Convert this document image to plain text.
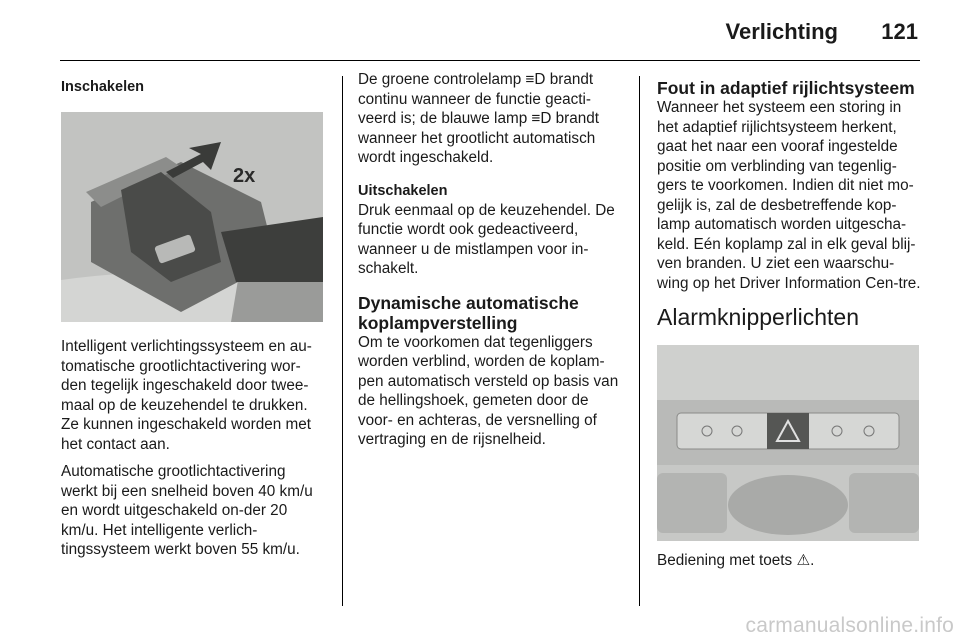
Verlichting 121
Inschakelen
2x

Intelligent verlichtingssysteem en au-tomatische grootlichtactivering wor-den tegelijk ingeschakeld door twee-maal op de keuzehendel te drukken. Ze kunnen ingeschakeld worden met het contact aan.

Automatische grootlichtactivering werkt bij een snelheid boven 40 km/u en wordt uitgeschakeld on-der 20 km/u. Het intelligente verlich-tingssysteem werkt boven 55 km/u.

De groene controlelamp ≡D brandt continu wanneer de functie geacti-veerd is; de blauwe lamp ≡D brandt wanneer het grootlicht automatisch wordt ingeschakeld.

Uitschakelen

Druk eenmaal op de keuzehendel. De functie wordt ook gedeactiveerd, wanneer u de mistlampen voor in-schakelt.

Dynamische automatische koplampverstelling

Om te voorkomen dat tegenliggers worden verblind, worden de koplam-pen automatisch versteld op basis van de hellingshoek, gemeten door de voor- en achteras, de versnelling of vertraging en de rijsnelheid.

Fout in adaptief rijlichtsysteem

Wanneer het systeem een storing in het adaptief rijlichtsysteem herkent, gaat het naar een vooraf ingestelde positie om verblinding van tegenlig-gers te voorkomen. Indien dit niet mo-gelijk is, zal de desbetreffende kop-lamp automatisch worden uitgescha-keld. Eén koplamp zal in elk geval blij-ven branden. U ziet een waarschu-wing op het Driver Information Cen-tre.

Alarmknipperlichten
Bediening met toets ⚠.
carmanualsonline.info
